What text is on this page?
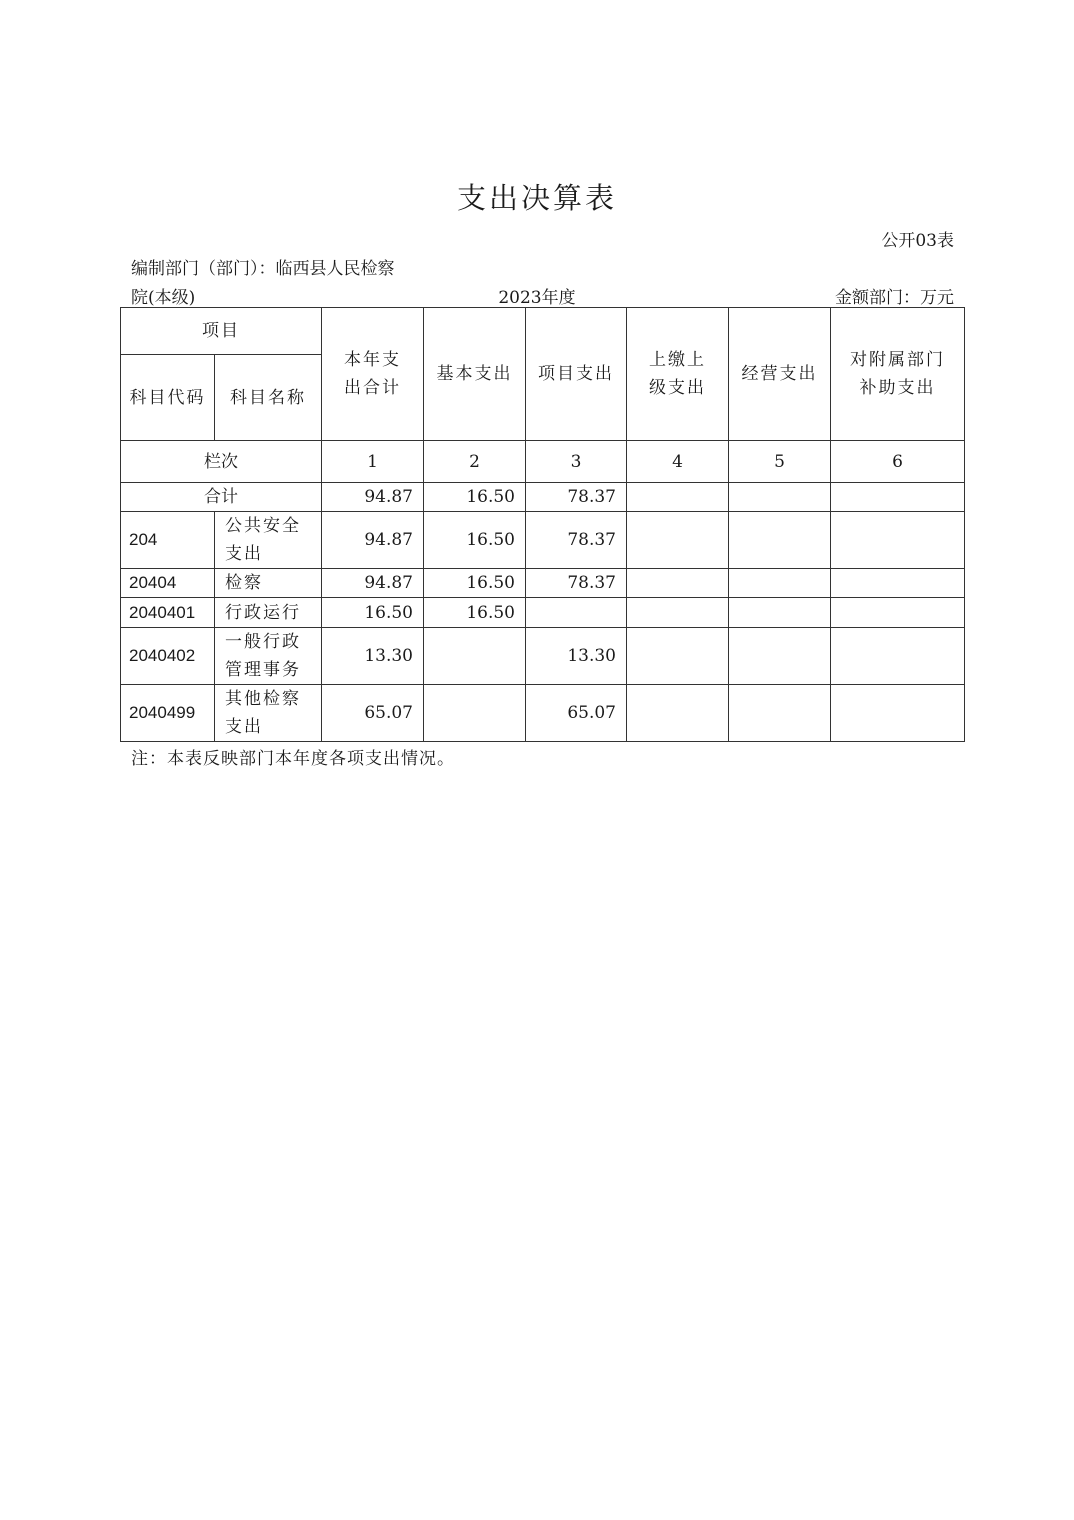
支出决算表
公开03表
编制部门（部门）：临西县人民检察
院(本级)	2023年度	金额部门：万元
项目		本年支出合计	基本支出	项目支出	上缴上级支出	经营支出	对附属部门补助支出
科目代码	科目名称						
栏次		1	2	3	4	5	6
合计		94.87	16.50	78.37			
204	公共安全支出	94.87	16.50	78.37			
20404	检察	94.87	16.50	78.37			
2040401	行政运行	16.50	16.50				
2040402	一般行政管理事务	13.30		13.30			
2040499	其他检察支出	65.07		65.07			
注：本表反映部门本年度各项支出情况。
